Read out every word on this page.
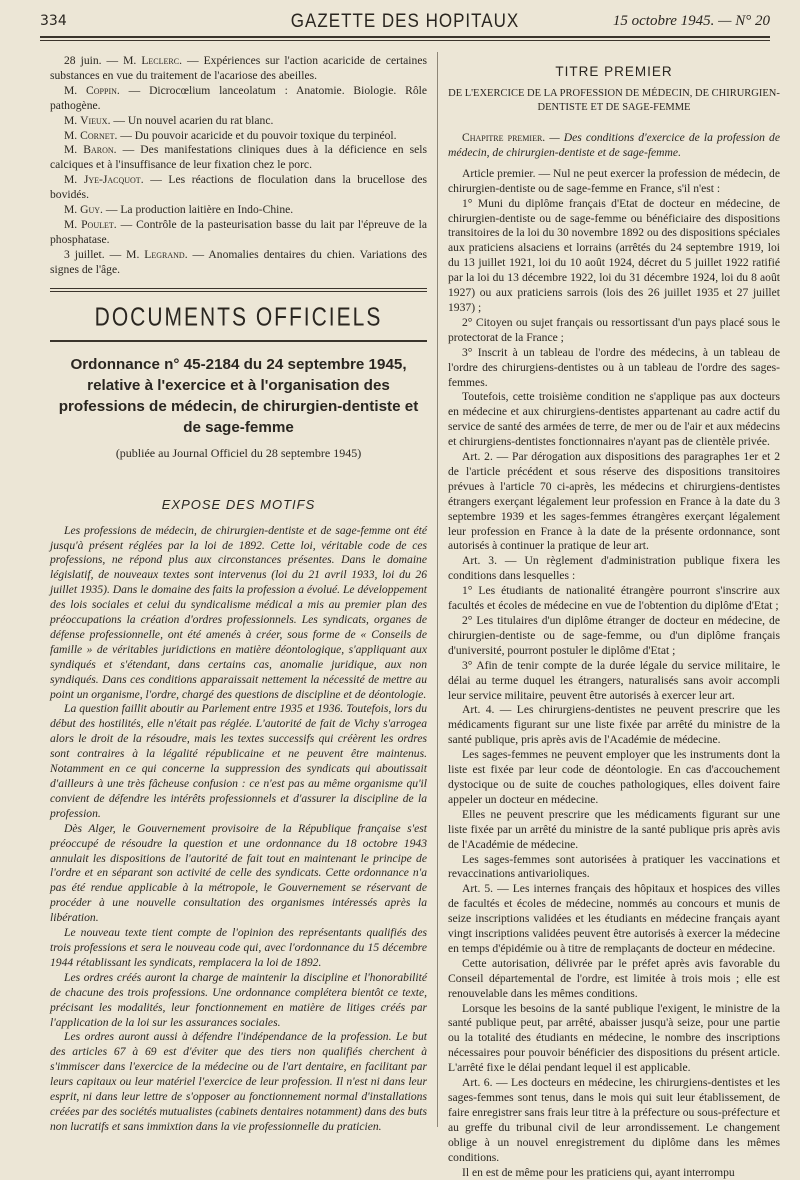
334	GAZETTE DES HOPITAUX	15 octobre 1945. — N° 20

28 juin. — M. Leclerc. — Expériences sur l'action acaricide de certaines substances en vue du traitement de l'acariose des abeilles.

M. Coppin. — Dicrocœlium lanceolatum : Anatomie. Biologie. Rôle pathogène.

M. Vieux. — Un nouvel acarien du rat blanc.

M. Cornet. — Du pouvoir acaricide et du pouvoir toxique du terpinéol.

M. Baron. — Des manifestations cliniques dues à la déficience en sels calciques et à l'insuffisance de leur fixation chez le porc.

M. Jye-Jacquot. — Les réactions de floculation dans la brucellose des bovidés.

M. Guy. — La production laitière en Indo-Chine.

M. Poulet. — Contrôle de la pasteurisation basse du lait par l'épreuve de la phosphatase.

3 juillet. — M. Legrand. — Anomalies dentaires du chien. Variations des signes de l'âge.

DOCUMENTS OFFICIELS
Ordonnance n° 45-2184 du 24 septembre 1945, relative à l'exercice et à l'organisation des professions de médecin, de chirurgien-dentiste et de sage-femme
(publiée au Journal Officiel du 28 septembre 1945)
EXPOSE DES MOTIFS

Les professions de médecin, de chirurgien-dentiste et de sage-femme ont été jusqu'à présent réglées par la loi de 1892. Cette loi, véritable code de ces professions, ne répond plus aux circonstances présentes. Dans le domaine législatif, de nouveaux textes sont intervenus (loi du 21 avril 1933, loi du 26 juillet 1935). Dans le domaine des faits la profession a évolué. Le développement des lois sociales et celui du syndicalisme médical a mis au premier plan des préoccupations la création d'ordres professionnels. Les syndicats, organes de défense professionnelle, ont été amenés à créer, sous forme de « Conseils de famille » de véritables juridictions en matière déontologique, s'appliquant aux syndiqués et s'étendant, dans certains cas, anomalie juridique, aux non syndiqués. Dans ces conditions apparaissait nettement la nécessité de mettre au point un organisme, l'ordre, chargé des questions de discipline et de déontologie.

La question faillit aboutir au Parlement entre 1935 et 1936. Toutefois, lors du début des hostilités, elle n'était pas réglée. L'autorité de fait de Vichy s'arrogea alors le droit de la résoudre, mais les textes successifs qui créèrent les ordres sont contraires à la légalité républicaine et ne peuvent être maintenus. Notamment en ce qui concerne la suppression des syndicats qui aboutissait d'ailleurs à une très fâcheuse confusion : ce n'est pas au même organisme qu'il convient de défendre les intérêts professionnels et d'assurer la discipline de la profession.

Dès Alger, le Gouvernement provisoire de la République française s'est préoccupé de résoudre la question et une ordonnance du 18 octobre 1943 annulait les dispositions de l'autorité de fait tout en maintenant le principe de l'ordre et en séparant son activité de celle des syndicats. Cette ordonnance n'a pas été rendue applicable à la métropole, le Gouvernement se réservant de procéder à une nouvelle consultation des organismes intéressés après la libération.

Le nouveau texte tient compte de l'opinion des représentants qualifiés des trois professions et sera le nouveau code qui, avec l'ordonnance du 15 décembre 1944 rétablissant les syndicats, remplacera la loi de 1892.

Les ordres créés auront la charge de maintenir la discipline et l'honorabilité de chacune des trois professions. Une ordonnance complétera bientôt ce texte, précisant les modalités, leur fonctionnement en matière de litiges créés par l'application de la loi sur les assurances sociales.

Les ordres auront aussi à défendre l'indépendance de la profession. Le but des articles 67 à 69 est d'éviter que des tiers non qualifiés cherchent à s'immiscer dans l'exercice de la médecine ou de l'art dentaire, en facilitant par leurs capitaux ou leur matériel l'exercice de leur profession. Il n'est ni dans leur esprit, ni dans leur lettre de s'opposer au fonctionnement normal d'installations créées par des sociétés mutualistes (cabinets dentaires notamment) dans des buts non lucratifs et sans immixtion dans la vie professionnelle du praticien.

TITRE PREMIER
DE L'EXERCICE DE LA PROFESSION DE MÉDECIN, DE CHIRURGIEN-DENTISTE ET DE SAGE-FEMME

Chapitre premier. — Des conditions d'exercice de la profession de médecin, de chirurgien-dentiste et de sage-femme.

Article premier. — Nul ne peut exercer la profession de médecin, de chirurgien-dentiste ou de sage-femme en France, s'il n'est :

1° Muni du diplôme français d'Etat de docteur en médecine, de chirurgien-dentiste ou de sage-femme ou bénéficiaire des dispositions transitoires de la loi du 30 novembre 1892 ou des dispositions spéciales aux praticiens alsaciens et lorrains (arrêtés du 24 septembre 1919, loi du 13 juillet 1921, loi du 10 août 1924, décret du 5 juillet 1922 ratifié par la loi du 13 décembre 1922, loi du 31 décembre 1924, loi du 8 août 1927) ou aux praticiens sarrois (lois des 26 juillet 1935 et 27 juillet 1937) ;

2° Citoyen ou sujet français ou ressortissant d'un pays placé sous le protectorat de la France ;

3° Inscrit à un tableau de l'ordre des médecins, à un tableau de l'ordre des chirurgiens-dentistes ou à un tableau de l'ordre des sages-femmes.

Toutefois, cette troisième condition ne s'applique pas aux docteurs en médecine et aux chirurgiens-dentistes appartenant au cadre actif du service de santé des armées de terre, de mer ou de l'air et aux médecins et chirurgiens-dentistes fonctionnaires n'ayant pas de clientèle privée.

Art. 2. — Par dérogation aux dispositions des paragraphes 1er et 2 de l'article précédent et sous réserve des dispositions transitoires prévues à l'article 70 ci-après, les médecins et chirurgiens-dentistes étrangers exerçant légalement leur profession en France à la date du 3 septembre 1939 et les sages-femmes étrangères exerçant légalement leur profession en France à la date de la présente ordonnance, sont autorisés à continuer la pratique de leur art.

Art. 3. — Un règlement d'administration publique fixera les conditions dans lesquelles :

1° Les étudiants de nationalité étrangère pourront s'inscrire aux facultés et écoles de médecine en vue de l'obtention du diplôme d'Etat ;

2° Les titulaires d'un diplôme étranger de docteur en médecine, de chirurgien-dentiste ou de sage-femme, ou d'un diplôme français d'université, pourront postuler le diplôme d'Etat ;

3° Afin de tenir compte de la durée légale du service militaire, le délai au terme duquel les étrangers, naturalisés sans avoir accompli leur service militaire, peuvent être autorisés à exercer leur art.

Art. 4. — Les chirurgiens-dentistes ne peuvent prescrire que les médicaments figurant sur une liste fixée par arrêté du ministre de la santé publique, pris après avis de l'Académie de médecine.

Les sages-femmes ne peuvent employer que les instruments dont la liste est fixée par leur code de déontologie. En cas d'accouchement dystocique ou de suite de couches pathologiques, elles doivent faire appeler un docteur en médecine.

Elles ne peuvent prescrire que les médicaments figurant sur une liste fixée par un arrêté du ministre de la santé publique pris après avis de l'Académie de médecine.

Les sages-femmes sont autorisées à pratiquer les vaccinations et revaccinations antivarioliques.

Art. 5. — Les internes français des hôpitaux et hospices des villes de facultés et écoles de médecine, nommés au concours et munis de seize inscriptions validées et les étudiants en médecine français ayant vingt inscriptions validées peuvent être autorisés à exercer la médecine en temps d'épidémie ou à titre de remplaçants de docteur en médecine.

Cette autorisation, délivrée par le préfet après avis favorable du Conseil départemental de l'ordre, est limitée à trois mois ; elle est renouvelable dans les mêmes conditions.

Lorsque les besoins de la santé publique l'exigent, le ministre de la santé publique peut, par arrêté, abaisser jusqu'à seize, pour une partie ou la totalité des étudiants en médecine, le nombre des inscriptions nécessaires pour pouvoir bénéficier des dispositions du présent article. L'arrêté fixe le délai pendant lequel il est applicable.

Art. 6. — Les docteurs en médecine, les chirurgiens-dentistes et les sages-femmes sont tenus, dans le mois qui suit leur établissement, de faire enregistrer sans frais leur titre à la préfecture ou sous-préfecture et au greffe du tribunal civil de leur arrondissement. Le changement oblige à un nouvel enregistrement du diplôme dans les mêmes conditions.

Il en est de même pour les praticiens qui, ayant interrompu
